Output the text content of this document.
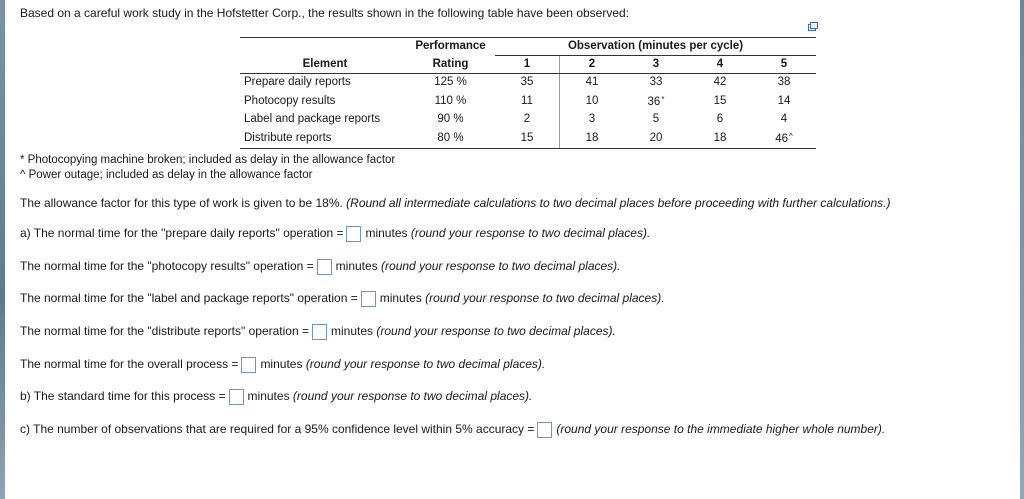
Based on a careful work study in the Hofstetter Corp., the results shown in the following table have been observed:
	Performance	Observation (minutes per cycle)				
Element	Rating	1	2	3	4	5
Prepare daily reports	125 %	35	41	33	42	38
Photocopy results	110 %	11	10	36*	15	14
Label and package reports	90 %	2	3	5	6	4
Distribute reports	80 %	15	18	20	18	46^
* Photocopying machine broken; included as delay in the allowance factor
^ Power outage; included as delay in the allowance factor
The allowance factor for this type of work is given to be 18%. (Round all intermediate calculations to two decimal places before proceeding with further calculations.)
a) The normal time for the "prepare daily reports" operation = minutes (round your response to two decimal places).
The normal time for the "photocopy results" operation = minutes (round your response to two decimal places).
The normal time for the "label and package reports" operation = minutes (round your response to two decimal places).
The normal time for the "distribute reports" operation = minutes (round your response to two decimal places).
The normal time for the overall process = minutes (round your response to two decimal places).
b) The standard time for this process = minutes (round your response to two decimal places).
c) The number of observations that are required for a 95% confidence level within 5% accuracy = (round your response to the immediate higher whole number).
